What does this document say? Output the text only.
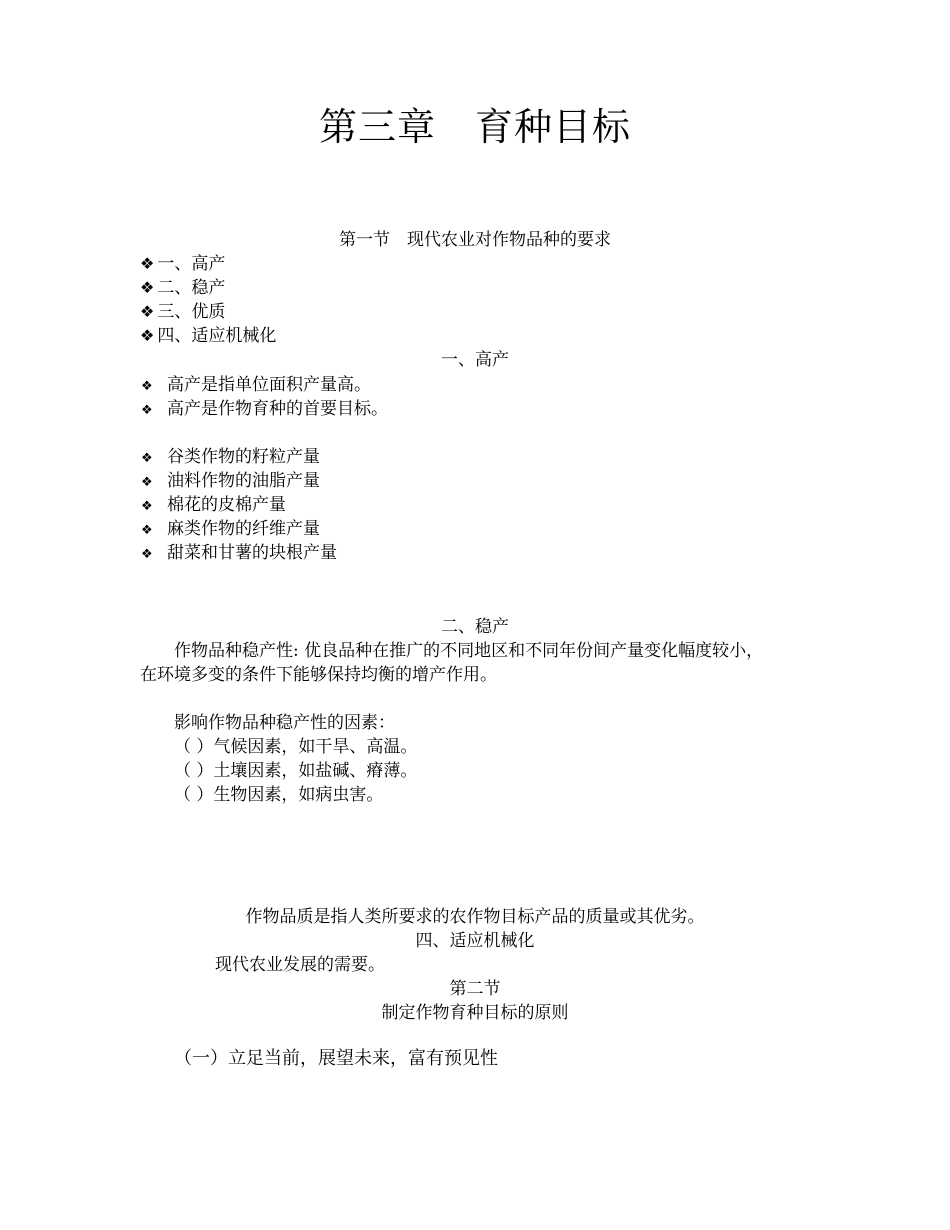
第三章　育种目标
第一节　现代农业对作物品种的要求
❖ 一、高产
❖ 二、稳产
❖ 三、优质
❖ 四、适应机械化
一、高产
❖ 高产是指单位面积产量高。
❖ 高产是作物育种的首要目标。
❖ 谷类作物的籽粒产量
❖ 油料作物的油脂产量
❖ 棉花的皮棉产量
❖ 麻类作物的纤维产量
❖ 甜菜和甘薯的块根产量
二、稳产
作物品种稳产性: 优良品种在推广的不同地区和不同年份间产量变化幅度较小，
在环境多变的条件下能够保持均衡的增产作用。
影响作物品种稳产性的因素：
（ ）气候因素，如干旱、高温。
（ ）土壤因素，如盐碱、瘠薄。
（ ）生物因素，如病虫害。
作物品质是指人类所要求的农作物目标产品的质量或其优劣。
四、适应机械化
现代农业发展的需要。
第二节
制定作物育种目标的原则
（一）立足当前，展望未来，富有预见性
